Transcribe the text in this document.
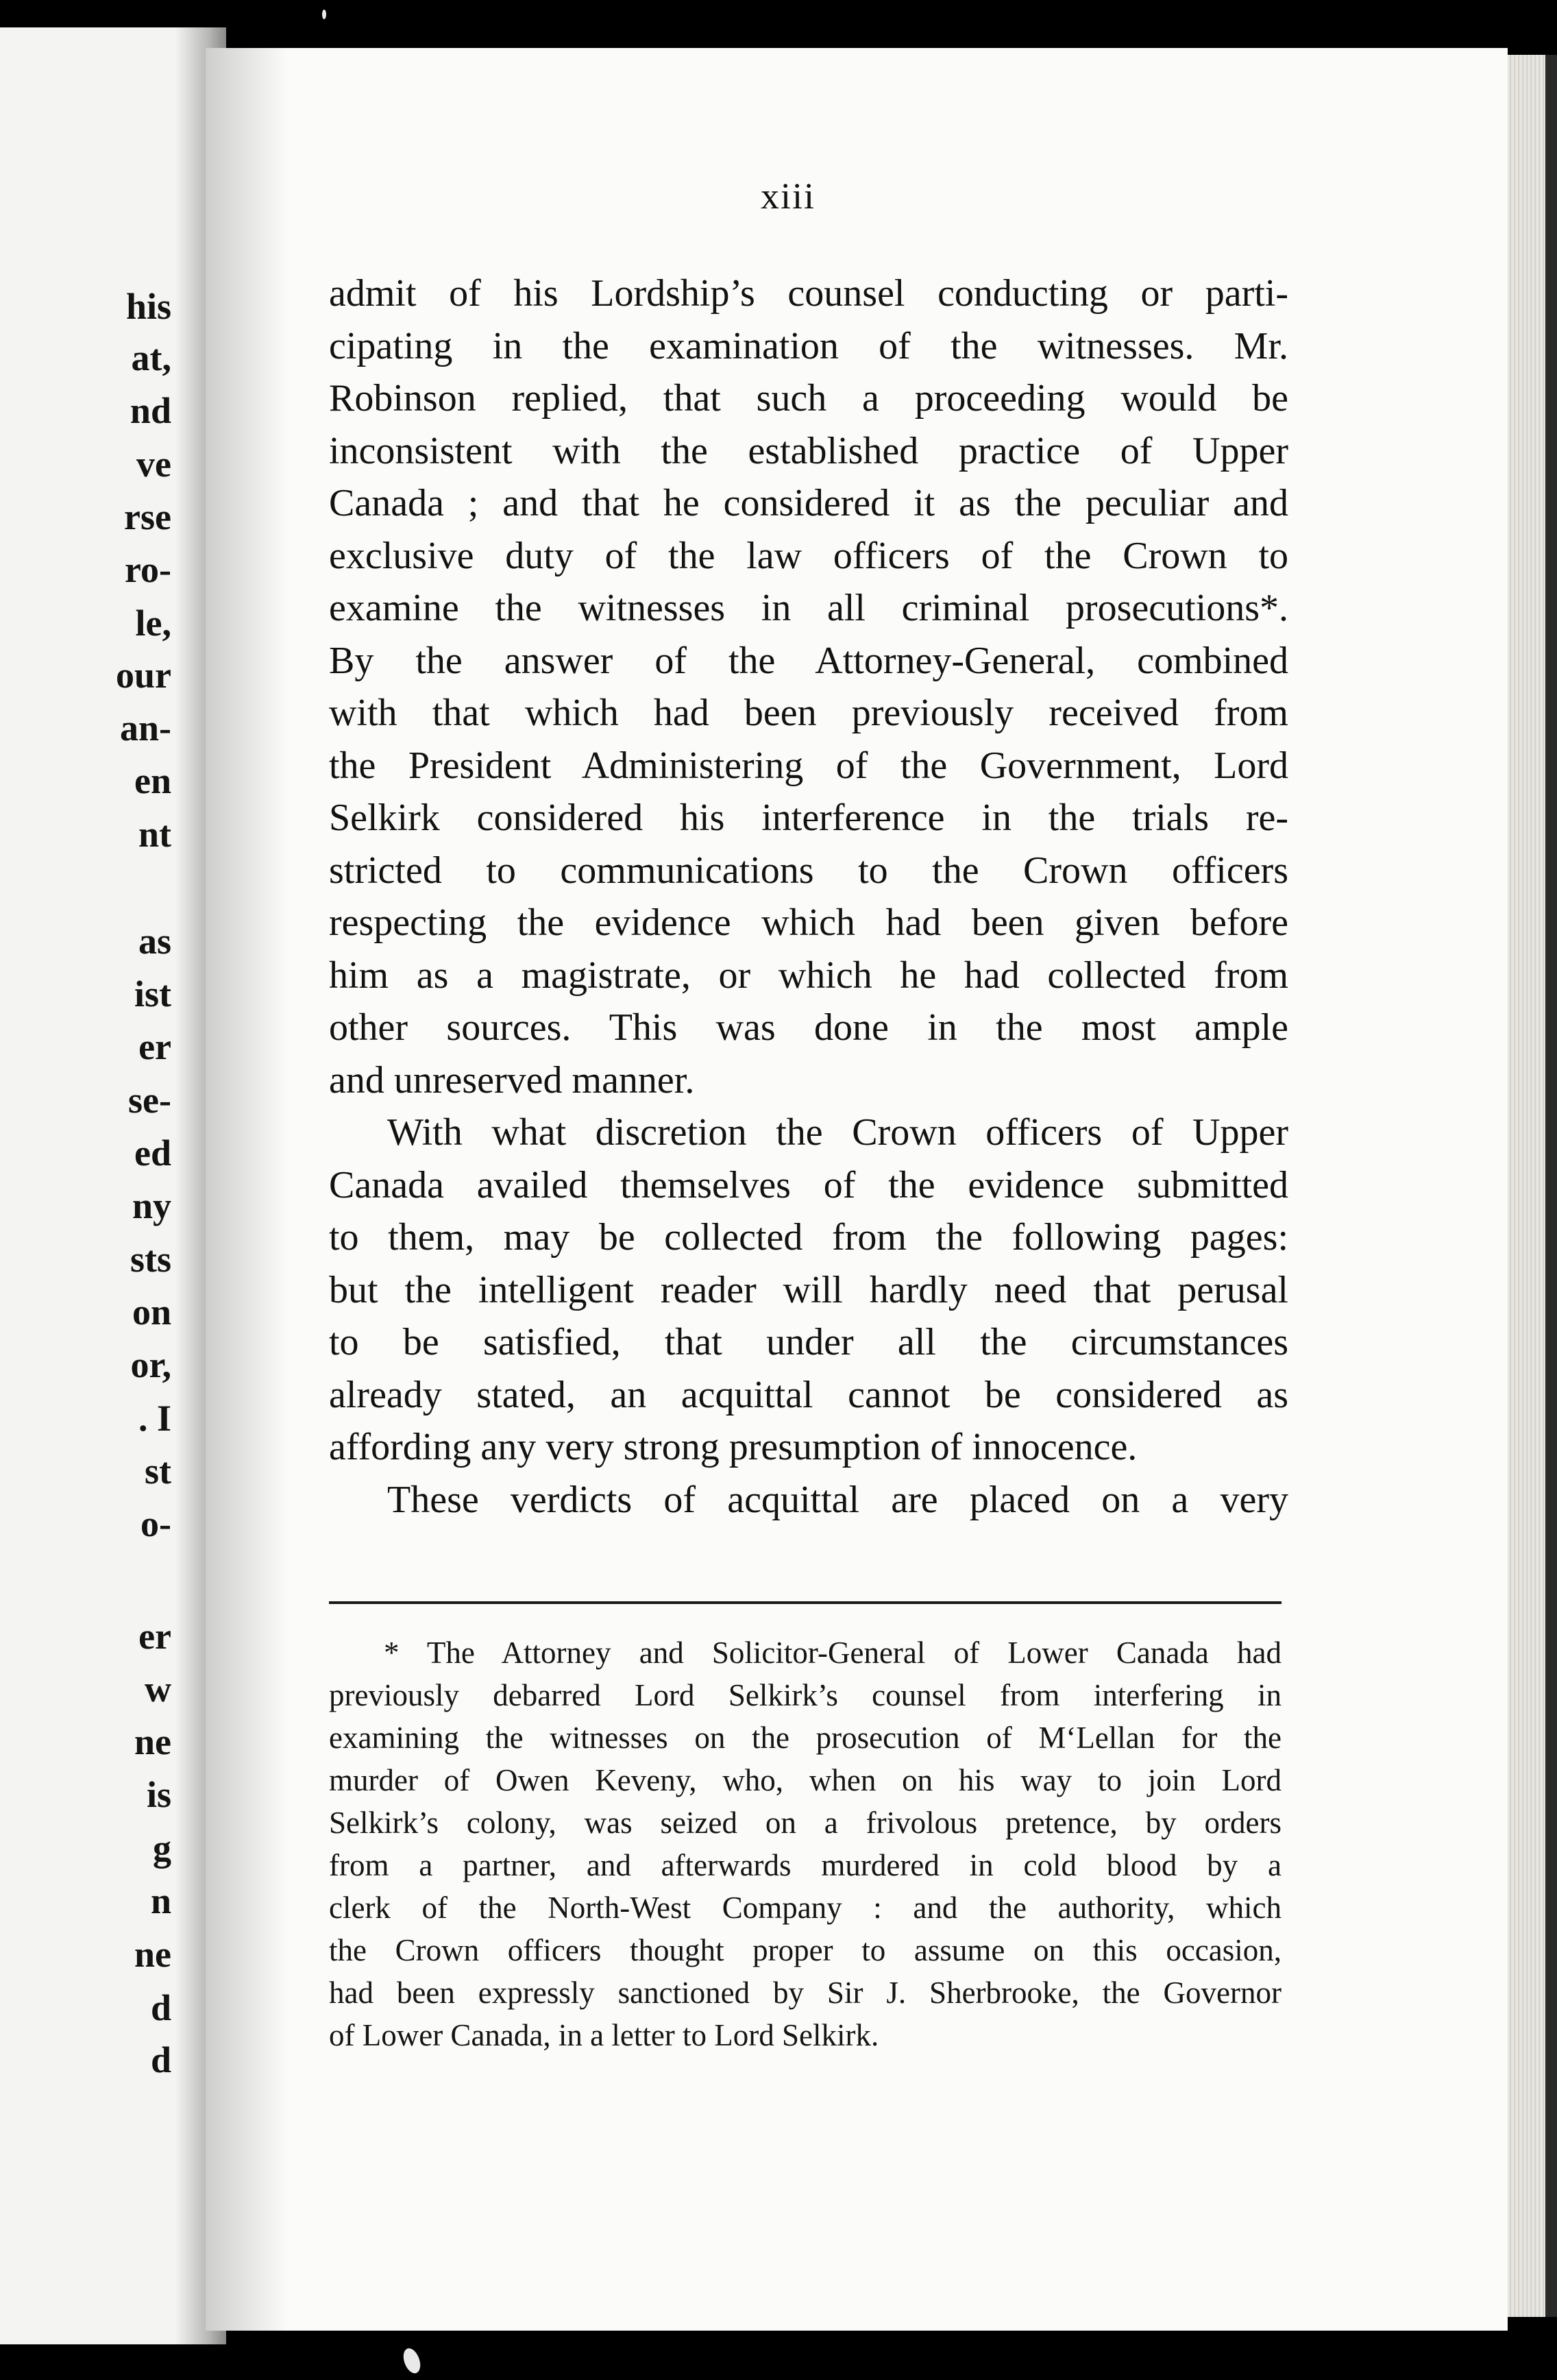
his
at,
nd
ve
rse
ro-
le,
our
an-
en
nt
as
ist
er
se-
ed
ny
sts
on
or,
. I
st
o-
er
w
ne
is
g
n
ne
d
d
xiii
admit of his Lordship’s counsel conducting or parti-
cipating in the examination of the witnesses. Mr.
Robinson replied, that such a proceeding would be
inconsistent with the established practice of Upper
Canada ; and that he considered it as the peculiar and
exclusive duty of the law officers of the Crown to
examine the witnesses in all criminal prosecutions*.
By the answer of the Attorney-General, combined
with that which had been previously received from
the President Administering of the Government, Lord
Selkirk considered his interference in the trials re-
stricted to communications to the Crown officers
respecting the evidence which had been given before
him as a magistrate, or which he had collected from
other sources. This was done in the most ample
and unreserved manner.
With what discretion the Crown officers of Upper
Canada availed themselves of the evidence submitted
to them, may be collected from the following pages:
but the intelligent reader will hardly need that perusal
to be satisfied, that under all the circumstances
already stated, an acquittal cannot be considered as
affording any very strong presumption of innocence.
These verdicts of acquittal are placed on a very
* The Attorney and Solicitor-General of Lower Canada had
previously debarred Lord Selkirk’s counsel from interfering in
examining the witnesses on the prosecution of M‘Lellan for the
murder of Owen Keveny, who, when on his way to join Lord
Selkirk’s colony, was seized on a frivolous pretence, by orders
from a partner, and afterwards murdered in cold blood by a
clerk of the North-West Company : and the authority, which
the Crown officers thought proper to assume on this occasion,
had been expressly sanctioned by Sir J. Sherbrooke, the Governor
of Lower Canada, in a letter to Lord Selkirk.
